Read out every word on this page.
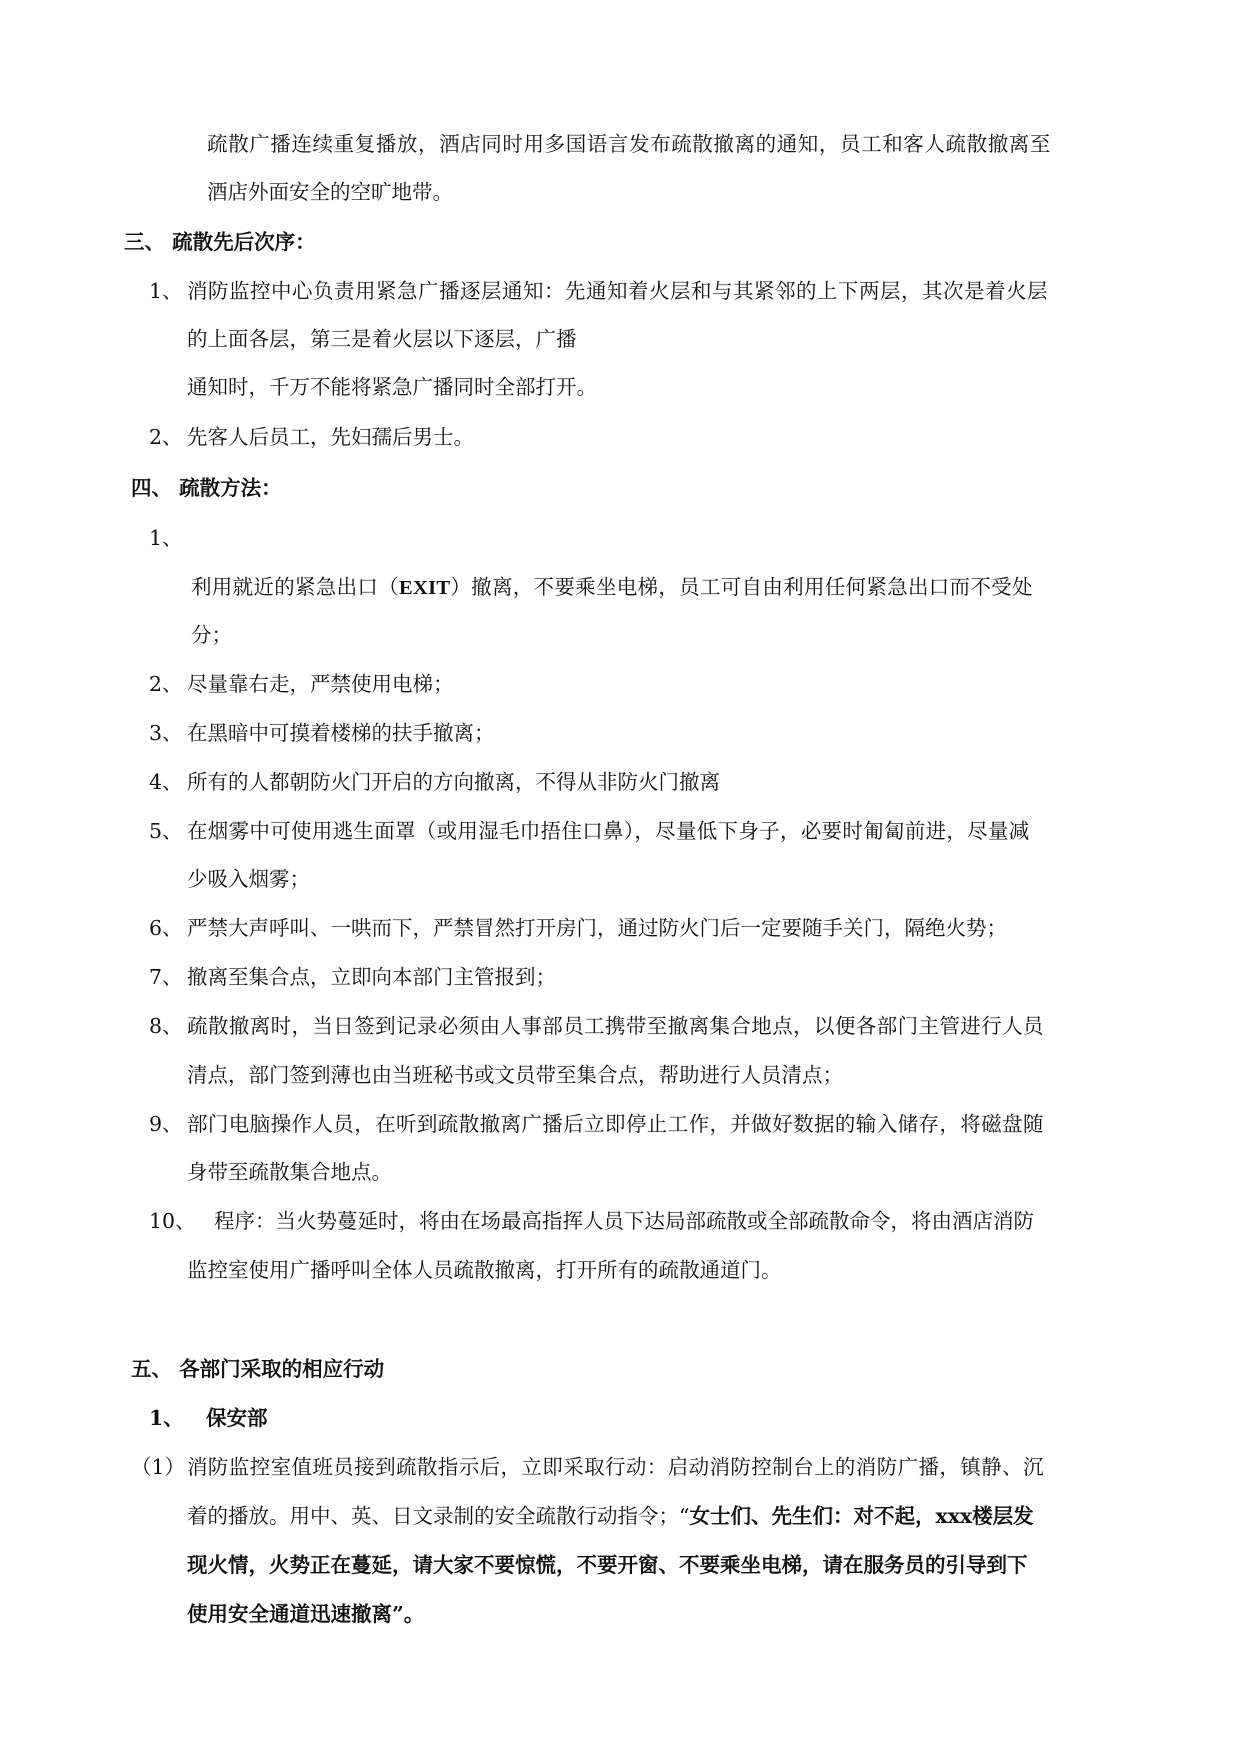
疏散广播连续重复播放，酒店同时用多国语言发布疏散撤离的通知，员工和客人疏散撤离至
酒店外面安全的空旷地带。
三、 疏散先后次序：
1、 消防监控中心负责用紧急广播逐层通知：先通知着火层和与其紧邻的上下两层，其次是着火层
的上面各层，第三是着火层以下逐层，广播
通知时，千万不能将紧急广播同时全部打开。
2、 先客人后员工，先妇孺后男士。
四、 疏散方法：
1、
利用就近的紧急出口（EXIT）撤离，不要乘坐电梯，员工可自由利用任何紧急出口而不受处
分；
2、 尽量靠右走，严禁使用电梯；
3、 在黑暗中可摸着楼梯的扶手撤离；
4、 所有的人都朝防火门开启的方向撤离，不得从非防火门撤离
5、 在烟雾中可使用逃生面罩（或用湿毛巾捂住口鼻），尽量低下身子，必要时匍匐前进，尽量减
少吸入烟雾；
6、 严禁大声呼叫、一哄而下，严禁冒然打开房门，通过防火门后一定要随手关门，隔绝火势；
7、 撤离至集合点，立即向本部门主管报到；
8、 疏散撤离时，当日签到记录必须由人事部员工携带至撤离集合地点，以便各部门主管进行人员
清点，部门签到薄也由当班秘书或文员带至集合点，帮助进行人员清点；
9、 部门电脑操作人员，在听到疏散撤离广播后立即停止工作，并做好数据的输入储存，将磁盘随
身带至疏散集合地点。
10、 程序：当火势蔓延时，将由在场最高指挥人员下达局部疏散或全部疏散命令，将由酒店消防
监控室使用广播呼叫全体人员疏散撤离，打开所有的疏散通道门。
五、 各部门采取的相应行动
1、 保安部
（1） 消防监控室值班员接到疏散指示后，立即采取行动：启动消防控制台上的消防广播，镇静、沉
着的播放。用中、英、日文录制的安全疏散行动指令；“女士们、先生们：对不起，xxx楼层发
现火情，火势正在蔓延，请大家不要惊慌，不要开窗、不要乘坐电梯，请在服务员的引导到下
使用安全通道迅速撤离”。
